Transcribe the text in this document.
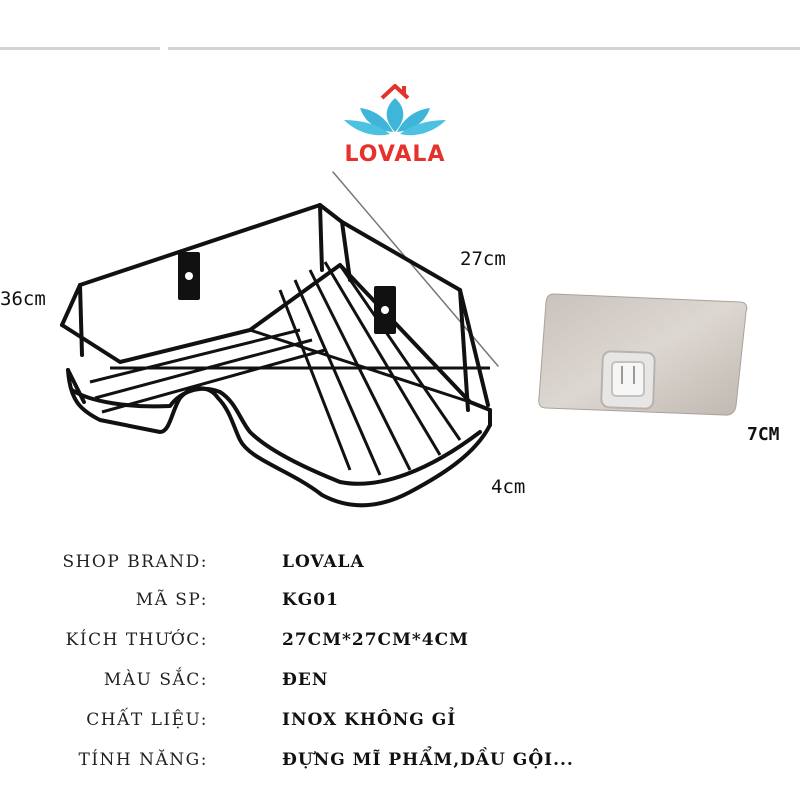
LOVALA
36cm
27cm
4cm
7CM
SHOP BRAND:	LOVALA
MÃ SP:	KG01
KÍCH THƯỚC:	27CM*27CM*4CM
MÀU SẮC:	ĐEN
CHẤT LIỆU:	INOX KHÔNG GỈ
TÍNH NĂNG:	ĐỰNG MĨ PHẨM,DẦU GỘI...
